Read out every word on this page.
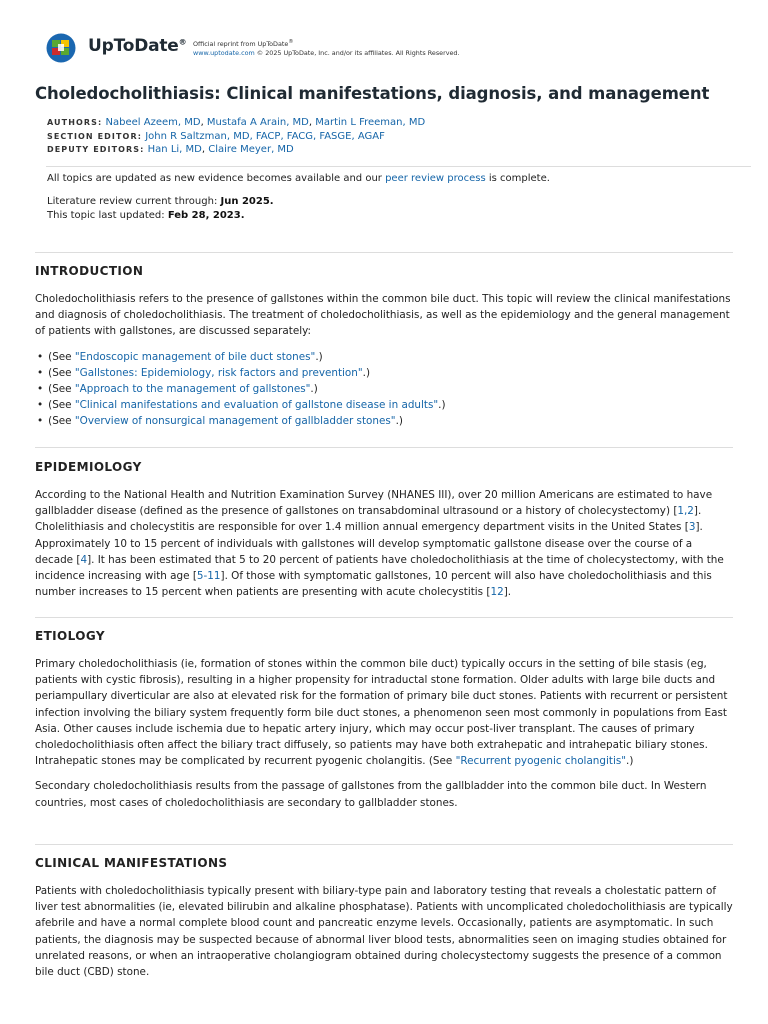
UpToDate® Official reprint from UpToDate®
www.uptodate.com © 2025 UpToDate, Inc. and/or its affiliates. All Rights Reserved.
Choledocholithiasis: Clinical manifestations, diagnosis, and management
AUTHORS: Nabeel Azeem, MD, Mustafa A Arain, MD, Martin L Freeman, MD
SECTION EDITOR: John R Saltzman, MD, FACP, FACG, FASGE, AGAF
DEPUTY EDITORS: Han Li, MD, Claire Meyer, MD
All topics are updated as new evidence becomes available and our peer review process is complete.
Literature review current through: Jun 2025.
This topic last updated: Feb 28, 2023.
INTRODUCTION

Choledocholithiasis refers to the presence of gallstones within the common bile duct. This topic will review the clinical manifestations and diagnosis of choledocholithiasis. The treatment of choledocholithiasis, as well as the epidemiology and the general management of patients with gallstones, are discussed separately:

• (See "Endoscopic management of bile duct stones".)
• (See "Gallstones: Epidemiology, risk factors and prevention".)
• (See "Approach to the management of gallstones".)
• (See "Clinical manifestations and evaluation of gallstone disease in adults".)
• (See "Overview of nonsurgical management of gallbladder stones".)
EPIDEMIOLOGY

According to the National Health and Nutrition Examination Survey (NHANES III), over 20 million Americans are estimated to have gallbladder disease (defined as the presence of gallstones on transabdominal ultrasound or a history of cholecystectomy) [1,2]. Cholelithiasis and cholecystitis are responsible for over 1.4 million annual emergency department visits in the United States [3]. Approximately 10 to 15 percent of individuals with gallstones will develop symptomatic gallstone disease over the course of a decade [4]. It has been estimated that 5 to 20 percent of patients have choledocholithiasis at the time of cholecystectomy, with the incidence increasing with age [5-11]. Of those with symptomatic gallstones, 10 percent will also have choledocholithiasis and this number increases to 15 percent when patients are presenting with acute cholecystitis [12].

ETIOLOGY

Primary choledocholithiasis (ie, formation of stones within the common bile duct) typically occurs in the setting of bile stasis (eg, patients with cystic fibrosis), resulting in a higher propensity for intraductal stone formation. Older adults with large bile ducts and periampullary diverticular are also at elevated risk for the formation of primary bile duct stones. Patients with recurrent or persistent infection involving the biliary system frequently form bile duct stones, a phenomenon seen most commonly in populations from East Asia. Other causes include ischemia due to hepatic artery injury, which may occur post-liver transplant. The causes of primary choledocholithiasis often affect the biliary tract diffusely, so patients may have both extrahepatic and intrahepatic biliary stones. Intrahepatic stones may be complicated by recurrent pyogenic cholangitis. (See "Recurrent pyogenic cholangitis".)

Secondary choledocholithiasis results from the passage of gallstones from the gallbladder into the common bile duct. In Western countries, most cases of choledocholithiasis are secondary to gallbladder stones.

CLINICAL MANIFESTATIONS

Patients with choledocholithiasis typically present with biliary-type pain and laboratory testing that reveals a cholestatic pattern of liver test abnormalities (ie, elevated bilirubin and alkaline phosphatase). Patients with uncomplicated choledocholithiasis are typically afebrile and have a normal complete blood count and pancreatic enzyme levels. Occasionally, patients are asymptomatic. In such patients, the diagnosis may be suspected because of abnormal liver blood tests, abnormalities seen on imaging studies obtained for unrelated reasons, or when an intraoperative cholangiogram obtained during cholecystectomy suggests the presence of a common bile duct (CBD) stone.
